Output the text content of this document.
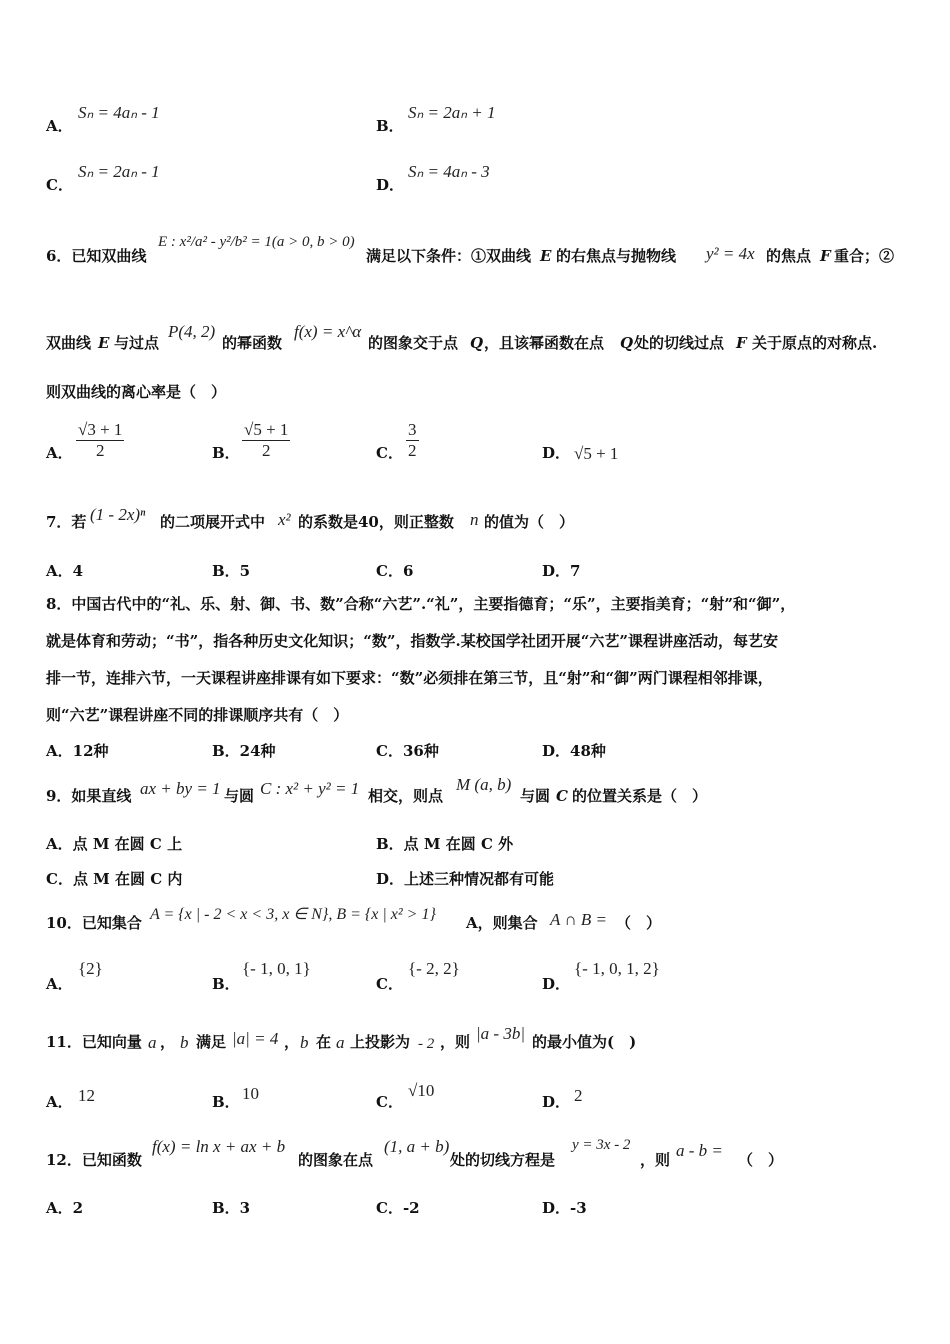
A．
Sₙ = 4aₙ - 1
B．
Sₙ = 2aₙ + 1
C．
Sₙ = 2aₙ - 1
D．
Sₙ = 4aₙ - 3
6．已知双曲线
E : x²/a² - y²/b² = 1(a > 0, b > 0)
满足以下条件：①双曲线 E 的右焦点与抛物线 y² = 4x 的焦点 F 重合；②
双曲线 E 与过点
P(4, 2)
的幂函数
f(x) = x^α
的图象交于点 Q ，且该幂函数在点 Q 处的切线过点 F 关于原点的对称点.
则双曲线的离心率是（　）
A． $\frac{√3 + 1}{2}$	B． $\frac{√5 + 1}{2}$	C． $\frac{3}{2}$	D． √5 + 1
7．若 (1 - 2x)ⁿ 的二项展开式中 x² 的系数是40，则正整数 n 的值为（　）
A．4	B．5	C．6	D．7
8．中国古代中的“礼、乐、射、御、书、数”合称“六艺”.“礼”，主要指德育；“乐”，主要指美育；“射”和“御”，
就是体育和劳动；“书”，指各种历史文化知识；“数”，指数学.某校国学社团开展“六艺”课程讲座活动，每艺安
排一节，连排六节，一天课程讲座排课有如下要求：“数”必须排在第三节，且“射”和“御”两门课程相邻排课，
则“六艺”课程讲座不同的排课顺序共有（　）
A．12种	B．24种	C．36种	D．48种
9．如果直线 ax + by = 1 与圆 C : x² + y² = 1 相交，则点
M (a, b)
与圆 C 的位置关系是（　）
A．点 M 在圆 C 上	B．点 M 在圆 C 外
C．点 M 在圆 C 内	D．上述三种情况都有可能
10．已知集合 A = {x | - 2 < x < 3, x ∈ N}, B = {x | x² > 1} A，则集合 A ∩ B = （　）
A．
{2}
B．
{- 1, 0, 1}
C．
{- 2, 2}
D．
{- 1, 0, 1, 2}
11．已知向量 a ， b 满足 |a| = 4 ， b 在 a 上投影为 - 2 ，则 |a - 3b| 的最小值为(　)
A． 12	B． 10	C．
√10
D． 2
12．已知函数
f(x) = ln x + ax + b
的图象在点
(1, a + b)
处的切线方程是
y = 3x - 2
，则 a - b = （　）
A．2	B．3	C．-2	D．-3
